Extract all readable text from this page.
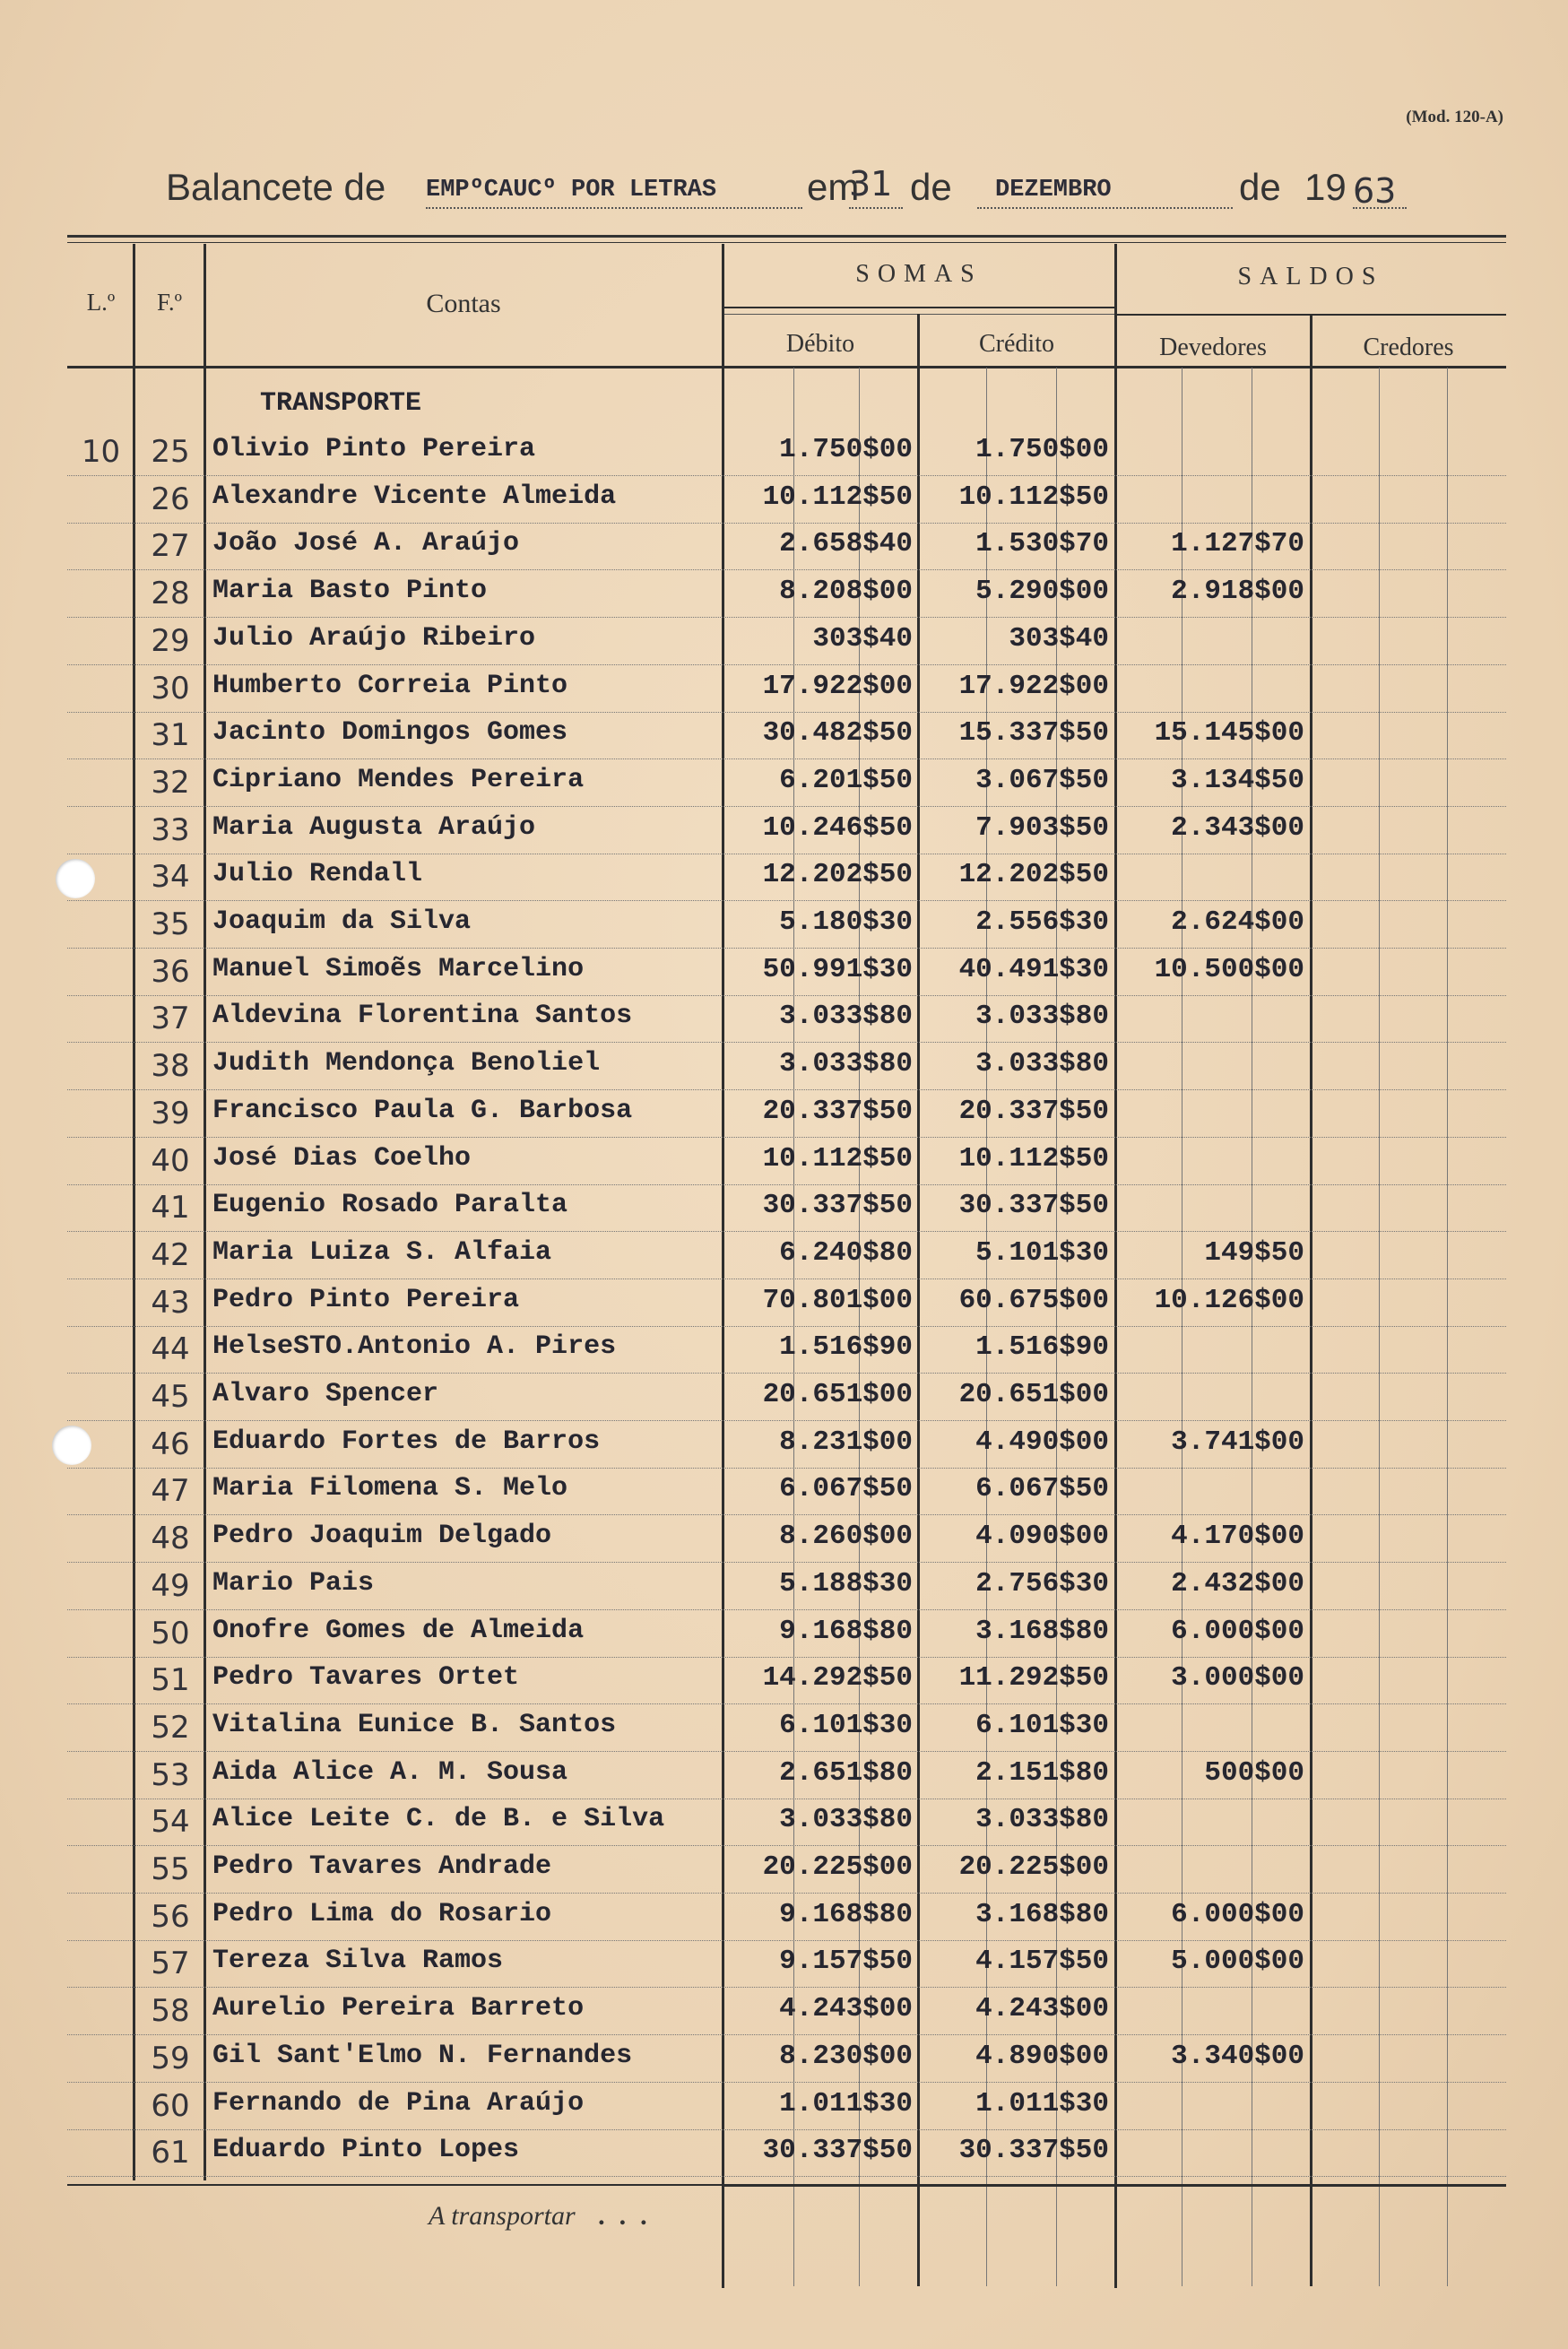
(Mod. 120-A)
Balancete de EMPºCAUCº POR LETRAS em
31 de DEZEMBRO	de 19 63
L.º	F.º	Contas
SOMAS	SALDOS
Débito	Crédito	Devedores	Credores
TRANSPORTE
10	25 Olivio Pinto Pereira	1.750$00	1.750$00
26 Alexandre Vicente Almeida	10.112$50	10.112$50
27 João José A. Araújo	2.658$40	1.530$70	1.127$70
28 Maria Basto Pinto	8.208$00	5.290$00	2.918$00
29 Julio Araújo Ribeiro	303$40	303$40
30 Humberto Correia Pinto	17.922$00	17.922$00
31 Jacinto Domingos Gomes	30.482$50	15.337$50	15.145$00
32 Cipriano Mendes Pereira	6.201$50	3.067$50	3.134$50
33 Maria Augusta Araújo	10.246$50	7.903$50	2.343$00
34 Julio Rendall	12.202$50	12.202$50
35 Joaquim da Silva	5.180$30	2.556$30	2.624$00
36 Manuel Simoẽs Marcelino	50.991$30	40.491$30	10.500$00
37 Aldevina Florentina Santos	3.033$80	3.033$80
38 Judith Mendonça Benoliel	3.033$80	3.033$80
39 Francisco Paula G. Barbosa	20.337$50	20.337$50
40 José Dias Coelho	10.112$50	10.112$50
41 Eugenio Rosado Paralta	30.337$50	30.337$50
42 Maria Luiza S. Alfaia	6.240$80	5.101$30	149$50
43 Pedro Pinto Pereira	70.801$00	60.675$00	10.126$00
44 HelseSTO.Antonio A. Pires	1.516$90	1.516$90
45 Alvaro Spencer	20.651$00	20.651$00
46 Eduardo Fortes de Barros	8.231$00	4.490$00	3.741$00
47 Maria Filomena S. Melo	6.067$50	6.067$50
48 Pedro Joaquim Delgado	8.260$00	4.090$00	4.170$00
49 Mario Pais	5.188$30	2.756$30	2.432$00
50 Onofre Gomes de Almeida	9.168$80	3.168$80	6.000$00
51 Pedro Tavares Ortet	14.292$50	11.292$50	3.000$00
52 Vitalina Eunice B. Santos	6.101$30	6.101$30
53 Aida Alice A. M. Sousa	2.651$80	2.151$80	500$00
54 Alice Leite C. de B. e Silva	3.033$80	3.033$80
55 Pedro Tavares Andrade	20.225$00	20.225$00
56 Pedro Lima do Rosario	9.168$80	3.168$80	6.000$00
57 Tereza Silva Ramos	9.157$50	4.157$50	5.000$00
58 Aurelio Pereira Barreto	4.243$00	4.243$00
59 Gil Sant'Elmo N. Fernandes	8.230$00	4.890$00	3.340$00
60 Fernando de Pina Araújo	1.011$30	1.011$30
61 Eduardo Pinto Lopes	30.337$50	30.337$50
A transportar ...
